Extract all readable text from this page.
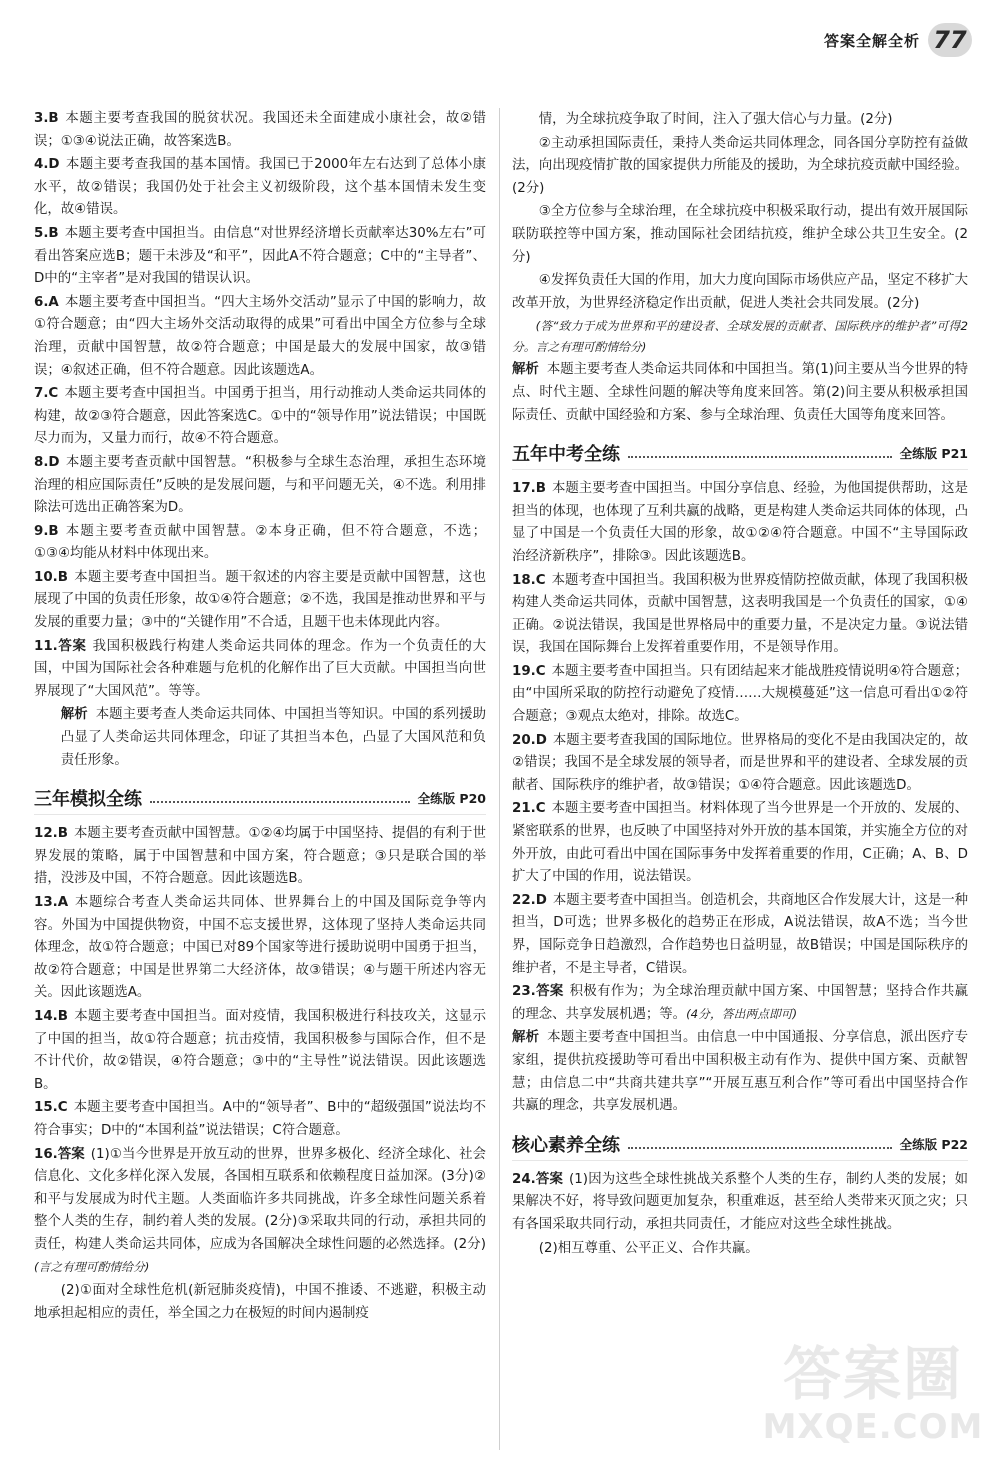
答案全解全析 77
3.B 本题主要考查我国的脱贫状况。我国还未全面建成小康社会，故②错误；①③④说法正确，故答案选B。
4.D 本题主要考查我国的基本国情。我国已于2000年左右达到了总体小康水平，故②错误；我国仍处于社会主义初级阶段，这个基本国情未发生变化，故④错误。
5.B 本题主要考查中国担当。由信息“对世界经济增长贡献率达30%左右”可看出答案应选B；题干未涉及“和平”，因此A不符合题意；C中的“主导者”、D中的“主宰者”是对我国的错误认识。
6.A 本题主要考查中国担当。“四大主场外交活动”显示了中国的影响力，故①符合题意；由“四大主场外交活动取得的成果”可看出中国全方位参与全球治理，贡献中国智慧，故②符合题意；中国是最大的发展中国家，故③错误；④叙述正确，但不符合题意。因此该题选A。
7.C 本题主要考查中国担当。中国勇于担当，用行动推动人类命运共同体的构建，故②③符合题意，因此答案选C。①中的“领导作用”说法错误；中国既尽力而为，又量力而行，故④不符合题意。
8.D 本题主要考查贡献中国智慧。“积极参与全球生态治理，承担生态环境治理的相应国际责任”反映的是发展问题，与和平问题无关，④不选。利用排除法可选出正确答案为D。
9.B 本题主要考查贡献中国智慧。②本身正确，但不符合题意，不选；①③④均能从材料中体现出来。
10.B 本题主要考查中国担当。题干叙述的内容主要是贡献中国智慧，这也展现了中国的负责任形象，故①④符合题意；②不选，我国是推动世界和平与发展的重要力量；③中的“关键作用”不合适，且题干也未体现此内容。
11.答案 我国积极践行构建人类命运共同体的理念。作为一个负责任的大国，中国为国际社会各种难题与危机的化解作出了巨大贡献。中国担当向世界展现了“大国风范”。等等。
解析 本题主要考查人类命运共同体、中国担当等知识。中国的系列援助凸显了人类命运共同体理念，印证了其担当本色，凸显了大国风范和负责任形象。
三年模拟全练	全练版 P20
12.B 本题主要考查贡献中国智慧。①②④均属于中国坚持、提倡的有利于世界发展的策略，属于中国智慧和中国方案，符合题意；③只是联合国的举措，没涉及中国，不符合题意。因此该题选B。
13.A 本题综合考查人类命运共同体、世界舞台上的中国及国际竞争等内容。外国为中国提供物资，中国不忘支援世界，这体现了坚持人类命运共同体理念，故①符合题意；中国已对89个国家等进行援助说明中国勇于担当，故②符合题意；中国是世界第二大经济体，故③错误；④与题干所述内容无关。因此该题选A。
14.B 本题主要考查中国担当。面对疫情，我国积极进行科技攻关，这显示了中国的担当，故①符合题意；抗击疫情，我国积极参与国际合作，但不是不计代价，故②错误，④符合题意；③中的“主导性”说法错误。因此该题选B。
15.C 本题主要考查中国担当。A中的“领导者”、B中的“超级强国”说法均不符合事实；D中的“本国利益”说法错误；C符合题意。
16.答案 (1)①当今世界是开放互动的世界，世界多极化、经济全球化、社会信息化、文化多样化深入发展，各国相互联系和依赖程度日益加深。(3分)②和平与发展成为时代主题。人类面临许多共同挑战，许多全球性问题关系着整个人类的生存，制约着人类的发展。(2分)③采取共同的行动，承担共同的责任，构建人类命运共同体，应成为各国解决全球性问题的必然选择。(2分)(言之有理可酌情给分)
(2)①面对全球性危机(新冠肺炎疫情)，中国不推诿、不逃避，积极主动地承担起相应的责任，举全国之力在极短的时间内遏制疫
情，为全球抗疫争取了时间，注入了强大信心与力量。(2分)
②主动承担国际责任，秉持人类命运共同体理念，同各国分享防控有益做法，向出现疫情扩散的国家提供力所能及的援助，为全球抗疫贡献中国经验。(2分)
③全方位参与全球治理，在全球抗疫中积极采取行动，提出有效开展国际联防联控等中国方案，推动国际社会团结抗疫，维护全球公共卫生安全。(2分)
④发挥负责任大国的作用，加大力度向国际市场供应产品，坚定不移扩大改革开放，为世界经济稳定作出贡献，促进人类社会共同发展。(2分)
(答“致力于成为世界和平的建设者、全球发展的贡献者、国际秩序的维护者”可得2分。言之有理可酌情给分)
解析 本题主要考查人类命运共同体和中国担当。第(1)问主要从当今世界的特点、时代主题、全球性问题的解决等角度来回答。第(2)问主要从积极承担国际责任、贡献中国经验和方案、参与全球治理、负责任大国等角度来回答。
五年中考全练	全练版 P21
17.B 本题主要考查中国担当。中国分享信息、经验，为他国提供帮助，这是担当的体现，也体现了互利共赢的战略，更是构建人类命运共同体的体现，凸显了中国是一个负责任大国的形象，故①②④符合题意。中国不“主导国际政治经济新秩序”，排除③。因此该题选B。
18.C 本题考查中国担当。我国积极为世界疫情防控做贡献，体现了我国积极构建人类命运共同体，贡献中国智慧，这表明我国是一个负责任的国家，①④正确。②说法错误，我国是世界格局中的重要力量，不是决定力量。③说法错误，我国在国际舞台上发挥着重要作用，不是领导作用。
19.C 本题主要考查中国担当。只有团结起来才能战胜疫情说明④符合题意；由“中国所采取的防控行动避免了疫情……大规模蔓延”这一信息可看出①②符合题意；③观点太绝对，排除。故选C。
20.D 本题主要考查我国的国际地位。世界格局的变化不是由我国决定的，故②错误；我国不是全球发展的领导者，而是世界和平的建设者、全球发展的贡献者、国际秩序的维护者，故③错误；①④符合题意。因此该题选D。
21.C 本题主要考查中国担当。材料体现了当今世界是一个开放的、发展的、紧密联系的世界，也反映了中国坚持对外开放的基本国策，并实施全方位的对外开放，由此可看出中国在国际事务中发挥着重要的作用，C正确；A、B、D扩大了中国的作用，说法错误。
22.D 本题主要考查中国担当。创造机会，共商地区合作发展大计，这是一种担当，D可选；世界多极化的趋势正在形成，A说法错误，故A不选；当今世界，国际竞争日趋激烈，合作趋势也日益明显，故B错误；中国是国际秩序的维护者，不是主导者，C错误。
23.答案 积极有作为；为全球治理贡献中国方案、中国智慧；坚持合作共赢的理念、共享发展机遇；等。(4分，答出两点即可)
解析 本题主要考查中国担当。由信息一中中国通报、分享信息，派出医疗专家组，提供抗疫援助等可看出中国积极主动有作为、提供中国方案、贡献智慧；由信息二中“共商共建共享”“开展互惠互利合作”等可看出中国坚持合作共赢的理念，共享发展机遇。
核心素养全练	全练版 P22
24.答案 (1)因为这些全球性挑战关系整个人类的生存，制约人类的发展；如果解决不好，将导致问题更加复杂，积重难返，甚至给人类带来灭顶之灾；只有各国采取共同行动，承担共同责任，才能应对这些全球性挑战。
(2)相互尊重、公平正义、合作共赢。
答案圈
MXQE.COM
